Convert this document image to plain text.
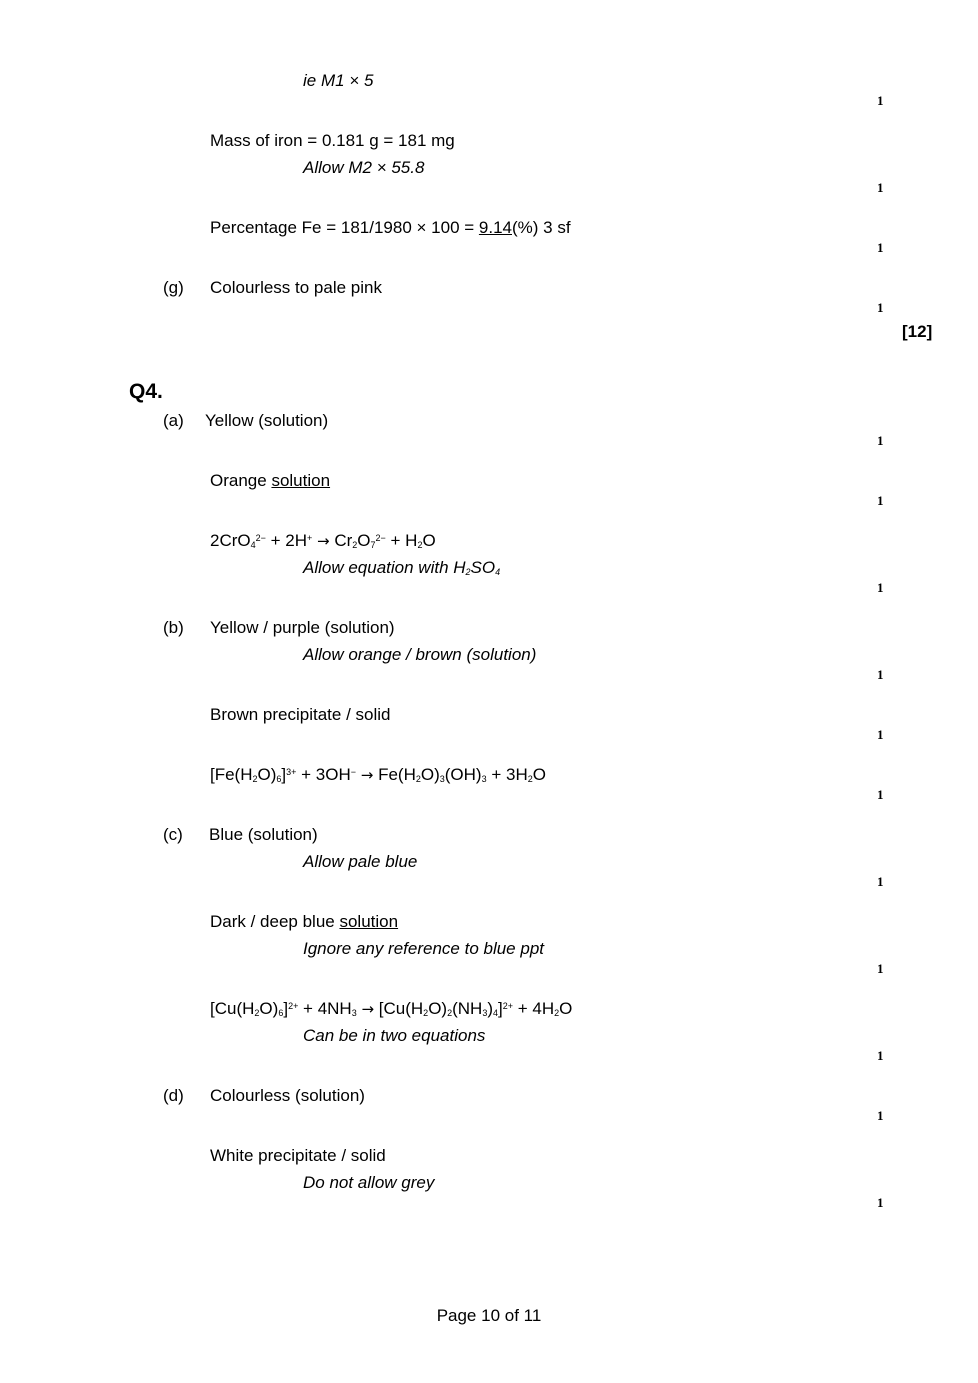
ie M1 × 5
1
Mass of iron = 0.181 g = 181 mg
Allow M2 × 55.8
1
Percentage Fe = 181/1980 × 100 = 9.14(%) 3 sf
1
(g) Colourless to pale pink
1
[12]
Q4.
(a) Yellow (solution)
1
Orange solution
1
$2CrO_4^{2-} + 2H^+ \to Cr_2O_7^{2-} + H_2O$
Allow equation with $H_2SO_4$
1
(b) Yellow / purple (solution)
Allow orange / brown (solution)
1
Brown precipitate / solid
1
$[Fe(H_2O)_6]^{3+} + 3OH^- \to Fe(H_2O)_3(OH)_3 + 3H_2O$
1
(c) Blue (solution)
Allow pale blue
1
Dark / deep blue solution
Ignore any reference to blue ppt
1
$[Cu(H_2O)_6]^{2+} + 4NH_3 \to [Cu(H_2O)_2(NH_3)_4]^{2+} + 4H_2O$
Can be in two equations
1
(d) Colourless (solution)
1
White precipitate / solid
Do not allow grey
1
Page 10 of 11
